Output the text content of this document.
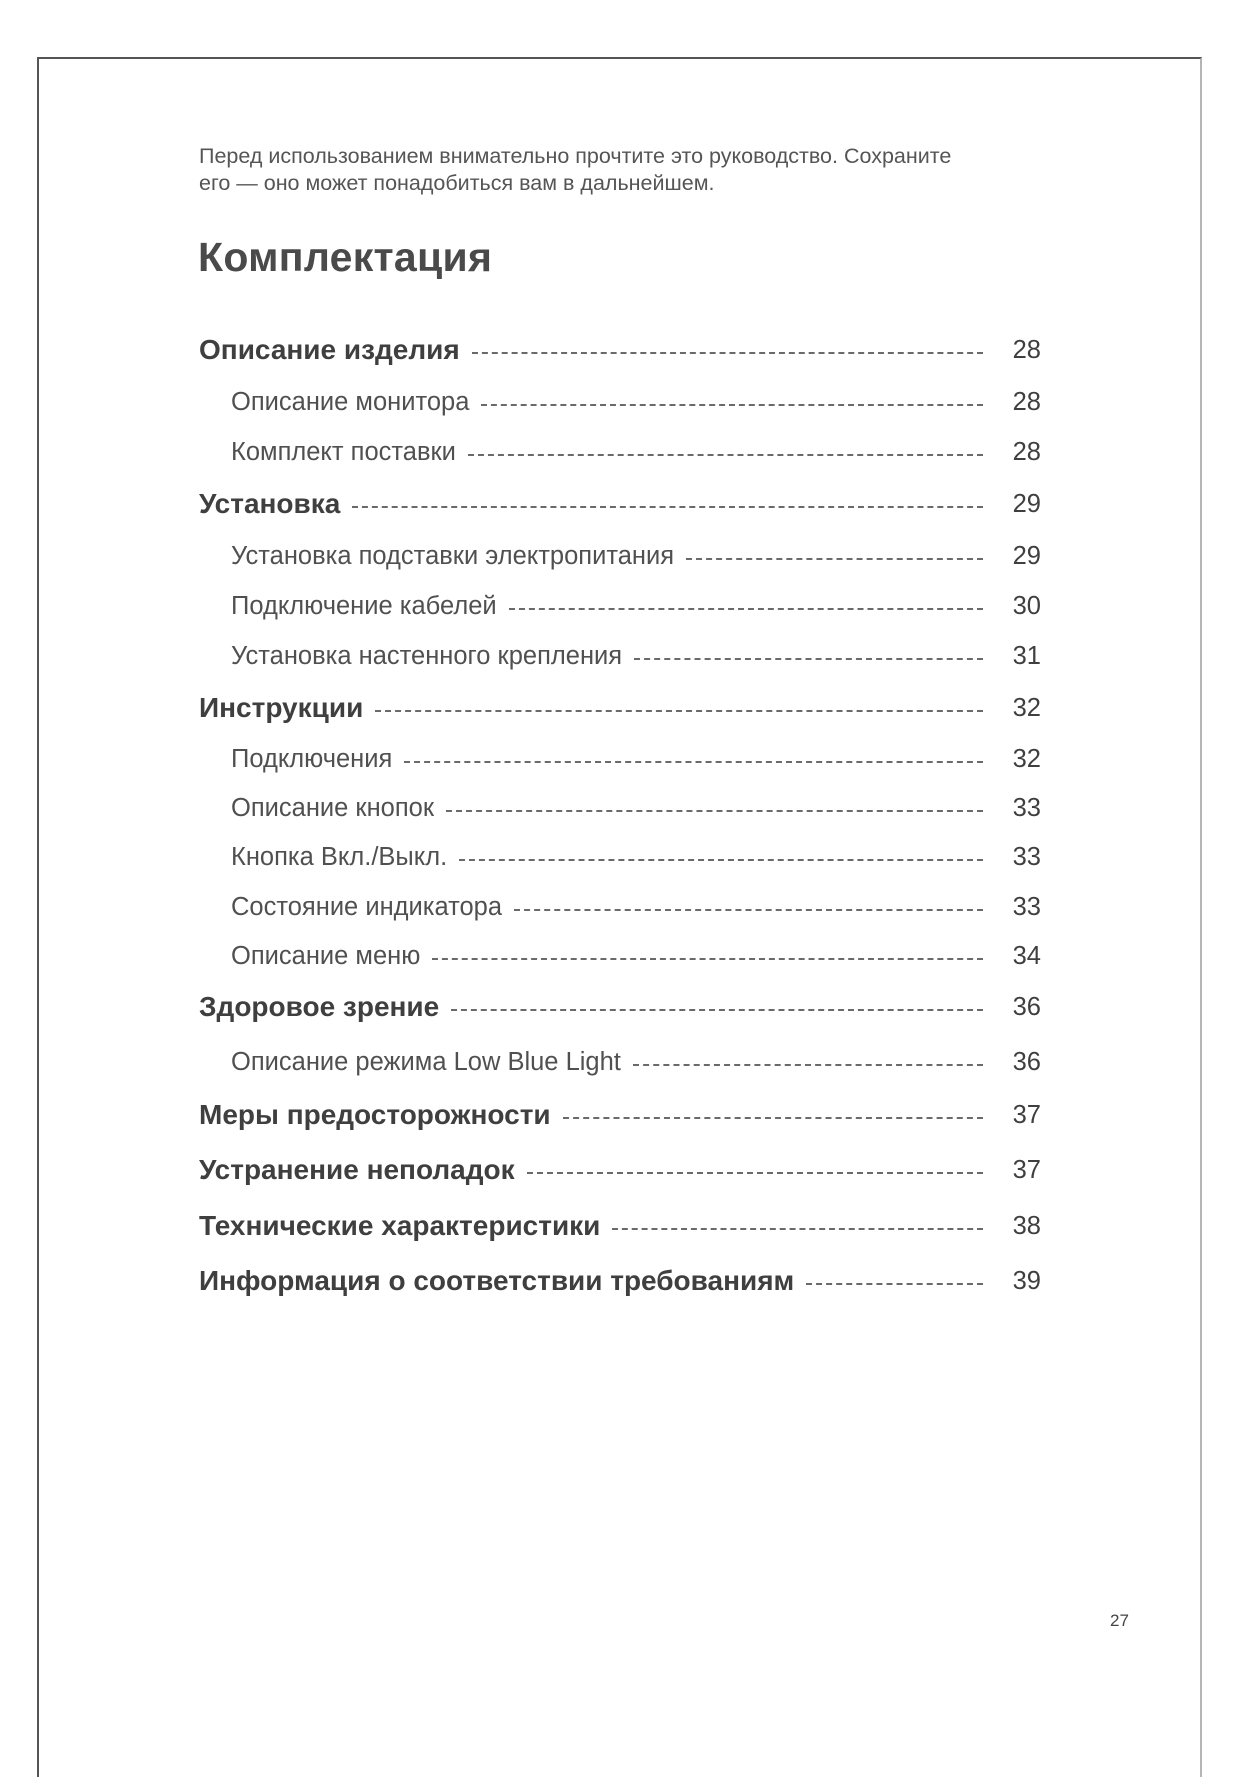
Перед использованием внимательно прочтите это руководство. Сохраните
его — оно может понадобиться вам в дальнейшем.

Комплектация
Описание изделия	28
Описание монитора	28
Комплект поставки	28
Установка	29
Установка подставки электропитания	29
Подключение кабелей	30
Установка настенного крепления	31
Инструкции	32
Подключения	32
Описание кнопок	33
Кнопка Вкл./Выкл.	33
Состояние индикатора	33
Описание меню	34
Здоровое зрение	36
Описание режима Low Blue Light	36
Меры предосторожности	37
Устранение неполадок	37
Технические характеристики	38
Информация о соответствии требованиям	39
27
